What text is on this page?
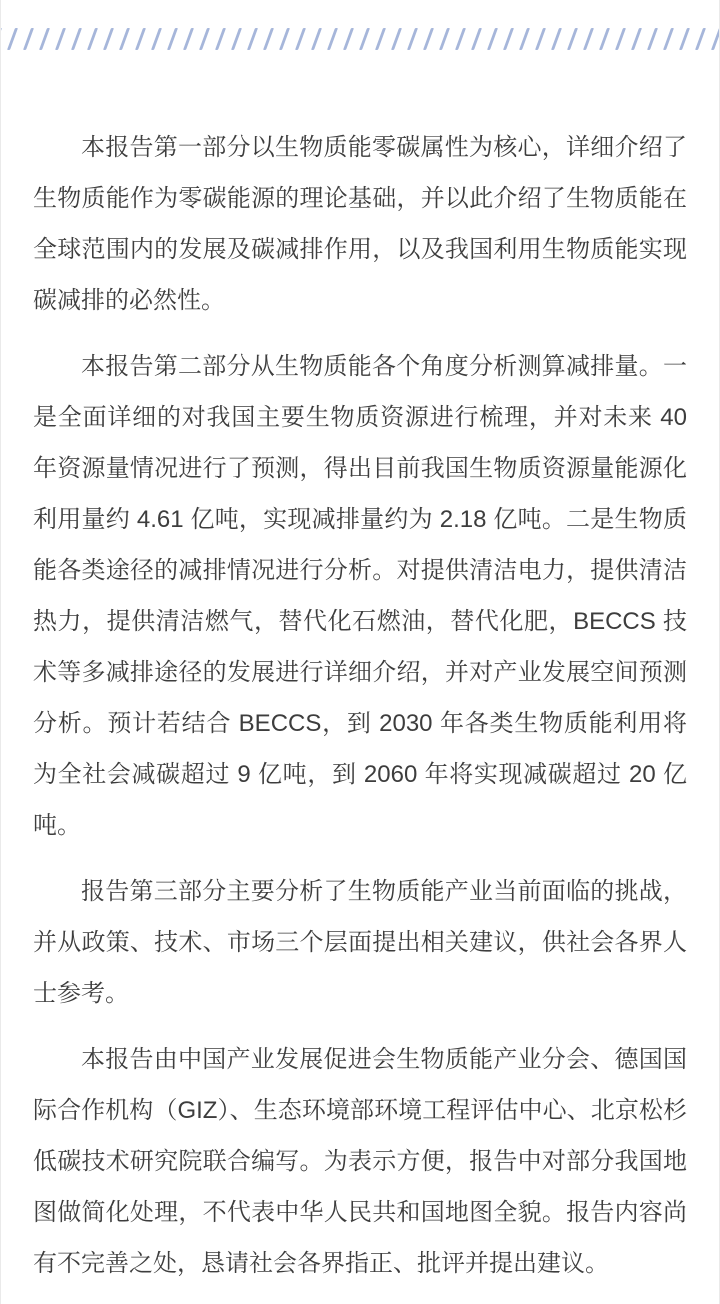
本报告第一部分以生物质能零碳属性为核心，详细介绍了生物质能作为零碳能源的理论基础，并以此介绍了生物质能在全球范围内的发展及碳减排作用，以及我国利用生物质能实现碳减排的必然性。

本报告第二部分从生物质能各个角度分析测算减排量。一是全面详细的对我国主要生物质资源进行梳理，并对未来 40 年资源量情况进行了预测，得出目前我国生物质资源量能源化利用量约 4.61 亿吨，实现减排量约为 2.18 亿吨。二是生物质能各类途径的减排情况进行分析。对提供清洁电力，提供清洁热力，提供清洁燃气，替代化石燃油，替代化肥，BECCS 技术等多减排途径的发展进行详细介绍，并对产业发展空间预测分析。预计若结合 BECCS，到 2030 年各类生物质能利用将为全社会减碳超过 9 亿吨，到 2060 年将实现减碳超过 20 亿吨。

报告第三部分主要分析了生物质能产业当前面临的挑战，并从政策、技术、市场三个层面提出相关建议，供社会各界人士参考。

本报告由中国产业发展促进会生物质能产业分会、德国国际合作机构（GIZ）、生态环境部环境工程评估中心、北京松杉低碳技术研究院联合编写。为表示方便，报告中对部分我国地图做简化处理，不代表中华人民共和国地图全貌。报告内容尚有不完善之处，恳请社会各界指正、批评并提出建议。
